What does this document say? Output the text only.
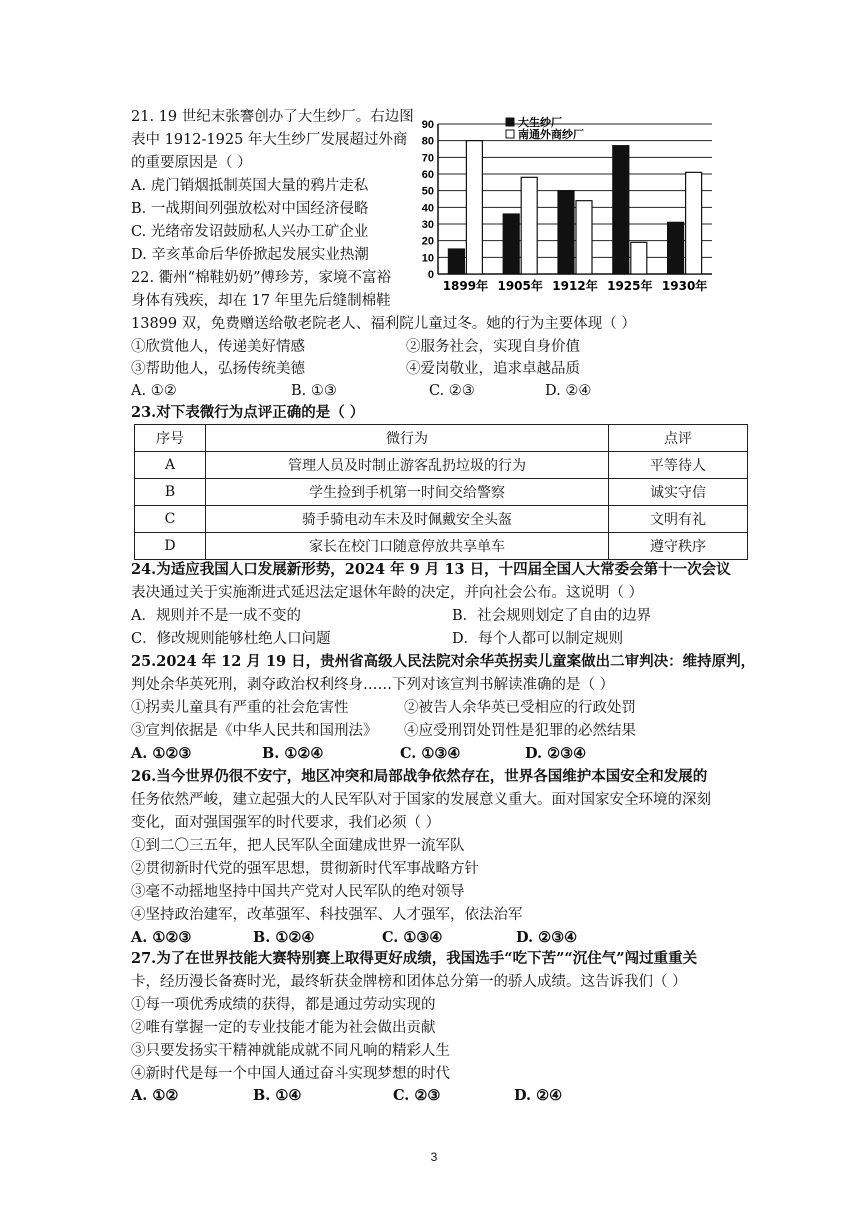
21. 19 世纪末张謇创办了大生纱厂。右边图
表中 1912-1925 年大生纱厂发展超过外商
的重要原因是（ ）
A. 虎门销烟抵制英国大量的鸦片走私
B. 一战期间列强放松对中国经济侵略
C. 光绪帝发诏鼓励私人兴办工矿企业
D. 辛亥革命后华侨掀起发展实业热潮
0
10
20
30
40
50
60
70
80
90
1899年 1905年 1912年 1925年 1930年
大生纱厂
南通外商纱厂
22. 衢州“棉鞋奶奶”傅珍芳，家境不富裕
身体有残疾，却在 17 年里先后缝制棉鞋
13899 双，免费赠送给敬老院老人、福利院儿童过冬。她的行为主要体现（ ）
①欣赏他人，传递美好情感	②服务社会，实现自身价值
③帮助他人，弘扬传统美德	④爱岗敬业，追求卓越品质
A. ①②	B. ①③	C. ②③	D. ②④
23.对下表微行为点评正确的是（ ）
序号	微行为	点评
A	管理人员及时制止游客乱扔垃圾的行为	平等待人
B	学生捡到手机第一时间交给警察	诚实守信
C	骑手骑电动车未及时佩戴安全头盔	文明有礼
D	家长在校门口随意停放共享单车	遵守秩序
24.为适应我国人口发展新形势，2024 年 9 月 13 日，十四届全国人大常委会第十一次会议
表决通过关于实施渐进式延迟法定退休年龄的决定，并向社会公布。这说明（ ）
A．规则并不是一成不变的	B．社会规则划定了自由的边界
C．修改规则能够杜绝人口问题	D．每个人都可以制定规则
25.2024 年 12 月 19 日，贵州省高级人民法院对余华英拐卖儿童案做出二审判决：维持原判，
判处余华英死刑，剥夺政治权利终身……下列对该宣判书解读准确的是（ ）
①拐卖儿童具有严重的社会危害性	②被告人余华英已受相应的行政处罚
③宣判依据是《中华人民共和国刑法》 ④应受刑罚处罚性是犯罪的必然结果
A. ①②③	B. ①②④	C. ①③④	D. ②③④
26.当今世界仍很不安宁，地区冲突和局部战争依然存在，世界各国维护本国安全和发展的
任务依然严峻，建立起强大的人民军队对于国家的发展意义重大。面对国家安全环境的深刻
变化，面对强国强军的时代要求，我们必须（ ）
①到二〇三五年，把人民军队全面建成世界一流军队
②贯彻新时代党的强军思想，贯彻新时代军事战略方针
③毫不动摇地坚持中国共产党对人民军队的绝对领导
④坚持政治建军，改革强军、科技强军、人才强军，依法治军
A. ①②③	B. ①②④	C. ①③④	D. ②③④
27.为了在世界技能大赛特别赛上取得更好成绩，我国选手“吃下苦”“沉住气”闯过重重关
卡，经历漫长备赛时光，最终斩获金牌榜和团体总分第一的骄人成绩。这告诉我们（ ）
①每一项优秀成绩的获得，都是通过劳动实现的
②唯有掌握一定的专业技能才能为社会做出贡献
③只要发扬实干精神就能成就不同凡响的精彩人生
④新时代是每一个中国人通过奋斗实现梦想的时代
A. ①②	B. ①④	C. ②③	D. ②④
3
